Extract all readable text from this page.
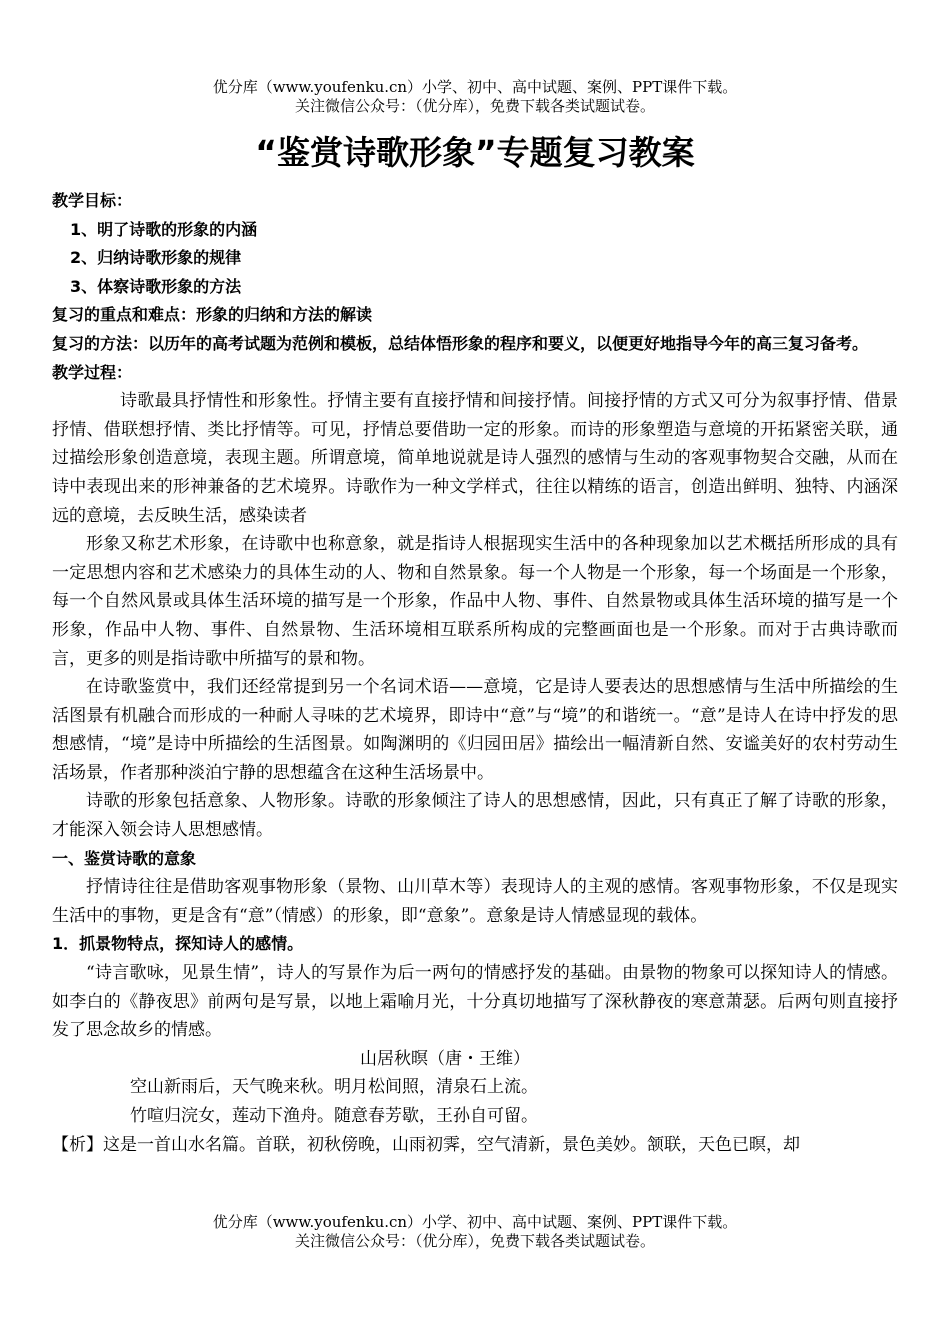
优分库（www.youfenku.cn）小学、初中、高中试题、案例、PPT课件下载。
关注微信公众号：（优分库），免费下载各类试题试卷。
“鉴赏诗歌形象”专题复习教案
教学目标：
1、明了诗歌的形象的内涵
2、归纳诗歌形象的规律
3、体察诗歌形象的方法
复习的重点和难点：形象的归纳和方法的解读
复习的方法：以历年的高考试题为范例和模板，总结体悟形象的程序和要义，以便更好地指导今年的高三复习备考。
教学过程：
诗歌最具抒情性和形象性。抒情主要有直接抒情和间接抒情。间接抒情的方式又可分为叙事抒情、借景抒情、借联想抒情、类比抒情等。可见，抒情总要借助一定的形象。而诗的形象塑造与意境的开拓紧密关联，通过描绘形象创造意境，表现主题。所谓意境，简单地说就是诗人强烈的感情与生动的客观事物契合交融，从而在诗中表现出来的形神兼备的艺术境界。诗歌作为一种文学样式，往往以精练的语言，创造出鲜明、独特、内涵深远的意境，去反映生活，感染读者
形象又称艺术形象，在诗歌中也称意象，就是指诗人根据现实生活中的各种现象加以艺术概括所形成的具有一定思想内容和艺术感染力的具体生动的人、物和自然景象。每一个人物是一个形象，每一个场面是一个形象，每一个自然风景或具体生活环境的描写是一个形象，作品中人物、事件、自然景物或具体生活环境的描写是一个形象，作品中人物、事件、自然景物、生活环境相互联系所构成的完整画面也是一个形象。而对于古典诗歌而言，更多的则是指诗歌中所描写的景和物。
在诗歌鉴赏中，我们还经常提到另一个名词术语——意境，它是诗人要表达的思想感情与生活中所描绘的生活图景有机融合而形成的一种耐人寻味的艺术境界，即诗中“意”与“境”的和谐统一。“意”是诗人在诗中抒发的思想感情，“境”是诗中所描绘的生活图景。如陶渊明的《归园田居》描绘出一幅清新自然、安谧美好的农村劳动生活场景，作者那种淡泊宁静的思想蕴含在这种生活场景中。
诗歌的形象包括意象、人物形象。诗歌的形象倾注了诗人的思想感情，因此，只有真正了解了诗歌的形象，才能深入领会诗人思想感情。
一、鉴赏诗歌的意象
抒情诗往往是借助客观事物形象（景物、山川草木等）表现诗人的主观的感情。客观事物形象，不仅是现实生活中的事物，更是含有“意”（情感）的形象，即“意象”。意象是诗人情感显现的载体。
1．抓景物特点，探知诗人的感情。
“诗言歌咏，见景生情”，诗人的写景作为后一两句的情感抒发的基础。由景物的物象可以探知诗人的情感。如李白的《静夜思》前两句是写景，以地上霜喻月光，十分真切地描写了深秋静夜的寒意萧瑟。后两句则直接抒发了思念故乡的情感。
山居秋暝（唐・王维）
空山新雨后，天气晚来秋。明月松间照，清泉石上流。
竹喧归浣女，莲动下渔舟。随意春芳歇，王孙自可留。
【析】这是一首山水名篇。首联，初秋傍晚，山雨初霁，空气清新，景色美妙。颔联，天色已暝，却
优分库（www.youfenku.cn）小学、初中、高中试题、案例、PPT课件下载。
关注微信公众号：（优分库），免费下载各类试题试卷。
